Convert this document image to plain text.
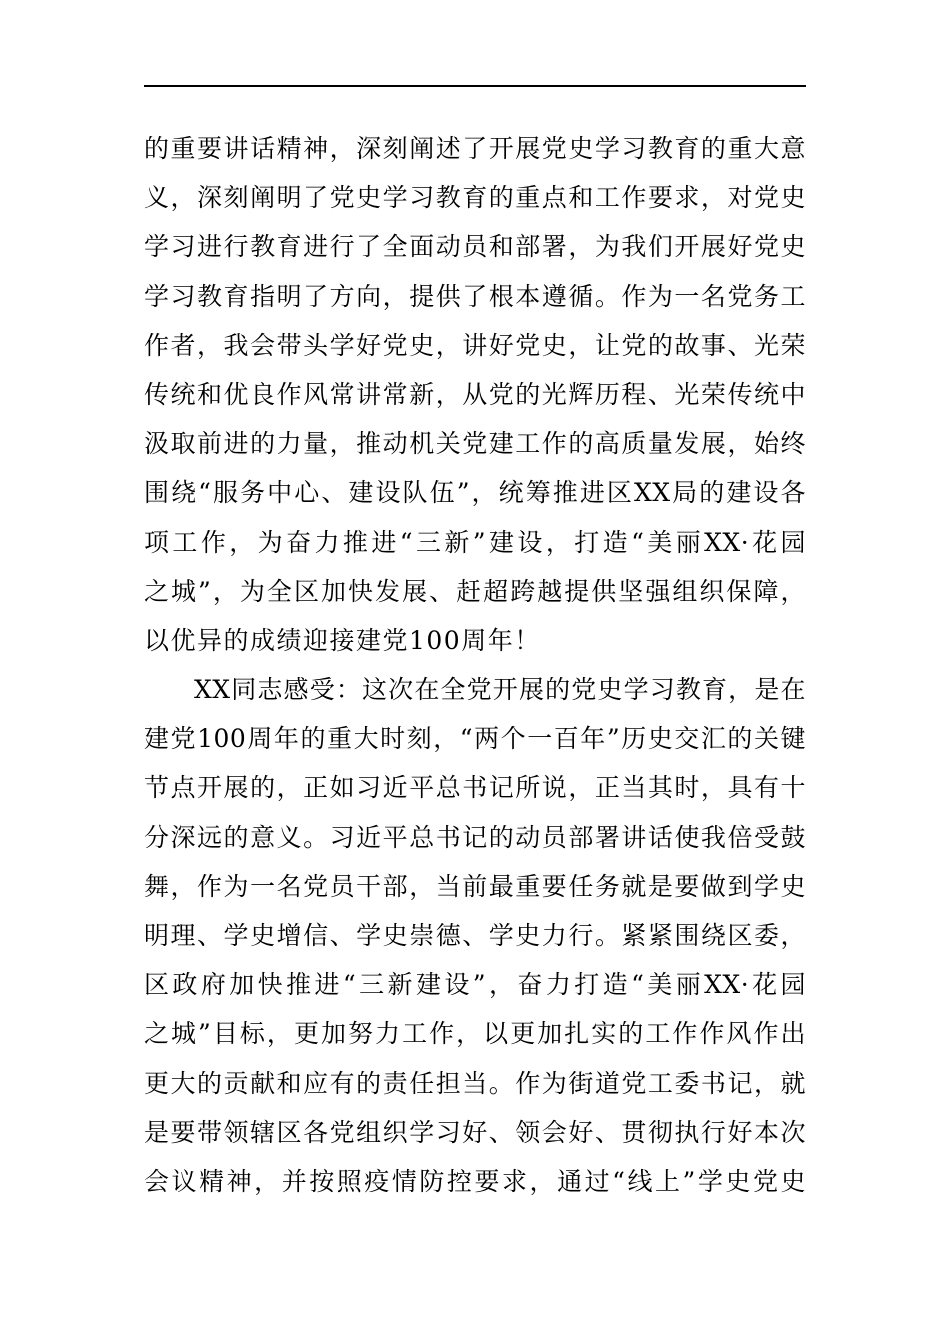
的重要讲话精神，深刻阐述了开展党史学习教育的重大意
义，深刻阐明了党史学习教育的重点和工作要求，对党史
学习进行教育进行了全面动员和部署，为我们开展好党史
学习教育指明了方向，提供了根本遵循。作为一名党务工
作者，我会带头学好党史，讲好党史，让党的故事、光荣
传统和优良作风常讲常新，从党的光辉历程、光荣传统中
汲取前进的力量，推动机关党建工作的高质量发展，始终
围绕“服务中心、建设队伍”，统筹推进区XX局的建设各
项工作，为奋力推进“三新”建设，打造“美丽XX·花园
之城”，为全区加快发展、赶超跨越提供坚强组织保障，
以优异的成绩迎接建党100周年！
XX同志感受：这次在全党开展的党史学习教育，是在
建党100周年的重大时刻，“两个一百年”历史交汇的关键
节点开展的，正如习近平总书记所说，正当其时，具有十
分深远的意义。习近平总书记的动员部署讲话使我倍受鼓
舞，作为一名党员干部，当前最重要任务就是要做到学史
明理、学史增信、学史崇德、学史力行。紧紧围绕区委，
区政府加快推进“三新建设”，奋力打造“美丽XX·花园
之城”目标，更加努力工作，以更加扎实的工作作风作出
更大的贡献和应有的责任担当。作为街道党工委书记，就
是要带领辖区各党组织学习好、领会好、贯彻执行好本次
会议精神，并按照疫情防控要求，通过“线上”学史党史
